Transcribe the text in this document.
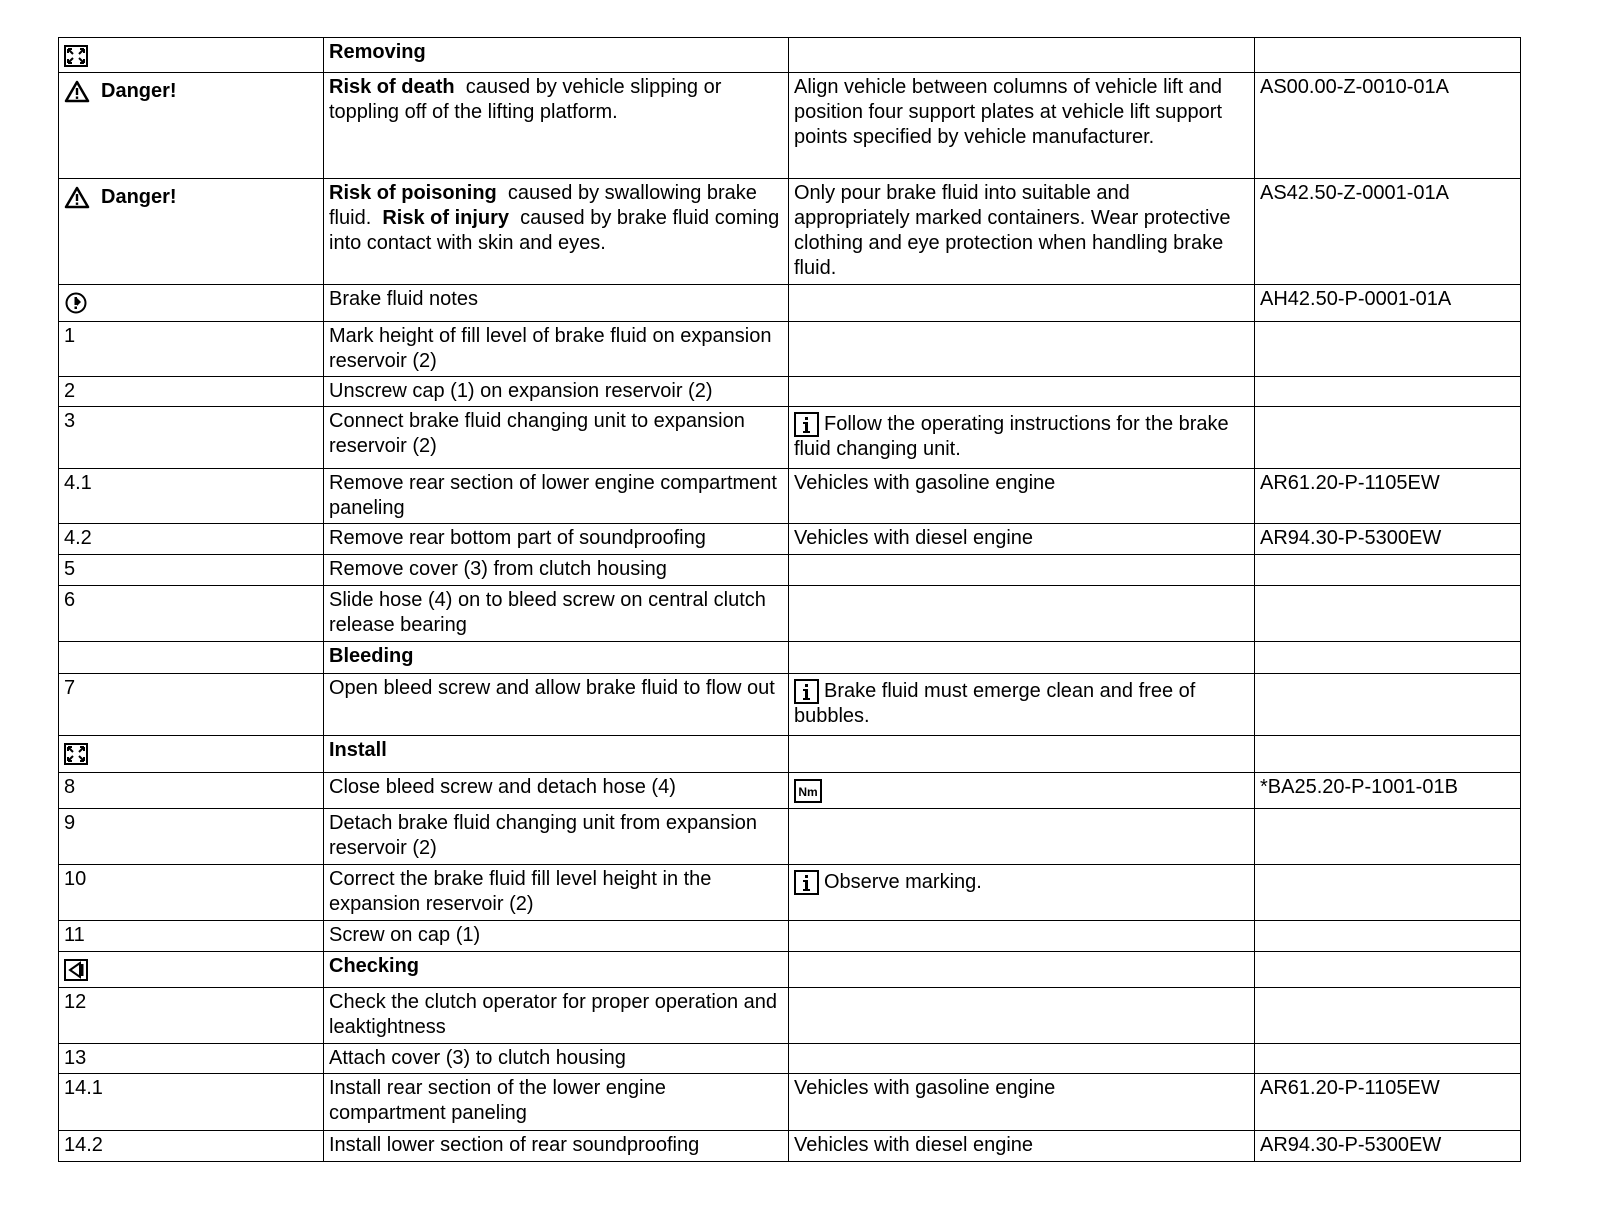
	Removing		

Danger!	Risk of death  caused by vehicle slipping or toppling off of the lifting platform.	Align vehicle between columns of vehicle lift and position four support plates at vehicle lift support points specified by vehicle manufacturer.	AS00.00-Z-0010-01A

Danger!	Risk of poisoning  caused by swallowing brake fluid.  Risk of injury  caused by brake fluid coming into contact with skin and eyes.	Only pour brake fluid into suitable and appropriately marked containers. Wear protective clothing and eye protection when handling brake fluid.	AS42.50-Z-0001-01A
	Brake fluid notes		AH42.50-P-0001-01A
1	Mark height of fill level of brake fluid on expansion reservoir (2)		
2	Unscrew cap (1) on expansion reservoir (2)		
3	Connect brake fluid changing unit to expansion reservoir (2)	Follow the operating instructions for the brake fluid changing unit.	
4.1	Remove rear section of lower engine compartment paneling	Vehicles with gasoline engine	AR61.20-P-1105EW
4.2	Remove rear bottom part of soundproofing	Vehicles with diesel engine	AR94.30-P-5300EW
5	Remove cover (3) from clutch housing		
6	Slide hose (4) on to bleed screw on central clutch release bearing		
	Bleeding		
7	Open bleed screw and allow brake fluid to flow out	Brake fluid must emerge clean and free of bubbles.	
	Install		
8	Close bleed screw and detach hose (4)	Nm	*BA25.20-P-1001-01B
9	Detach brake fluid changing unit from expansion reservoir (2)		
10	Correct the brake fluid fill level height in the expansion reservoir (2)	Observe marking.	
11	Screw on cap (1)		
	Checking		
12	Check the clutch operator for proper operation and leaktightness		
13	Attach cover (3) to clutch housing		
14.1	Install rear section of the lower engine compartment paneling	Vehicles with gasoline engine	AR61.20-P-1105EW
14.2	Install lower section of rear soundproofing	Vehicles with diesel engine	AR94.30-P-5300EW
